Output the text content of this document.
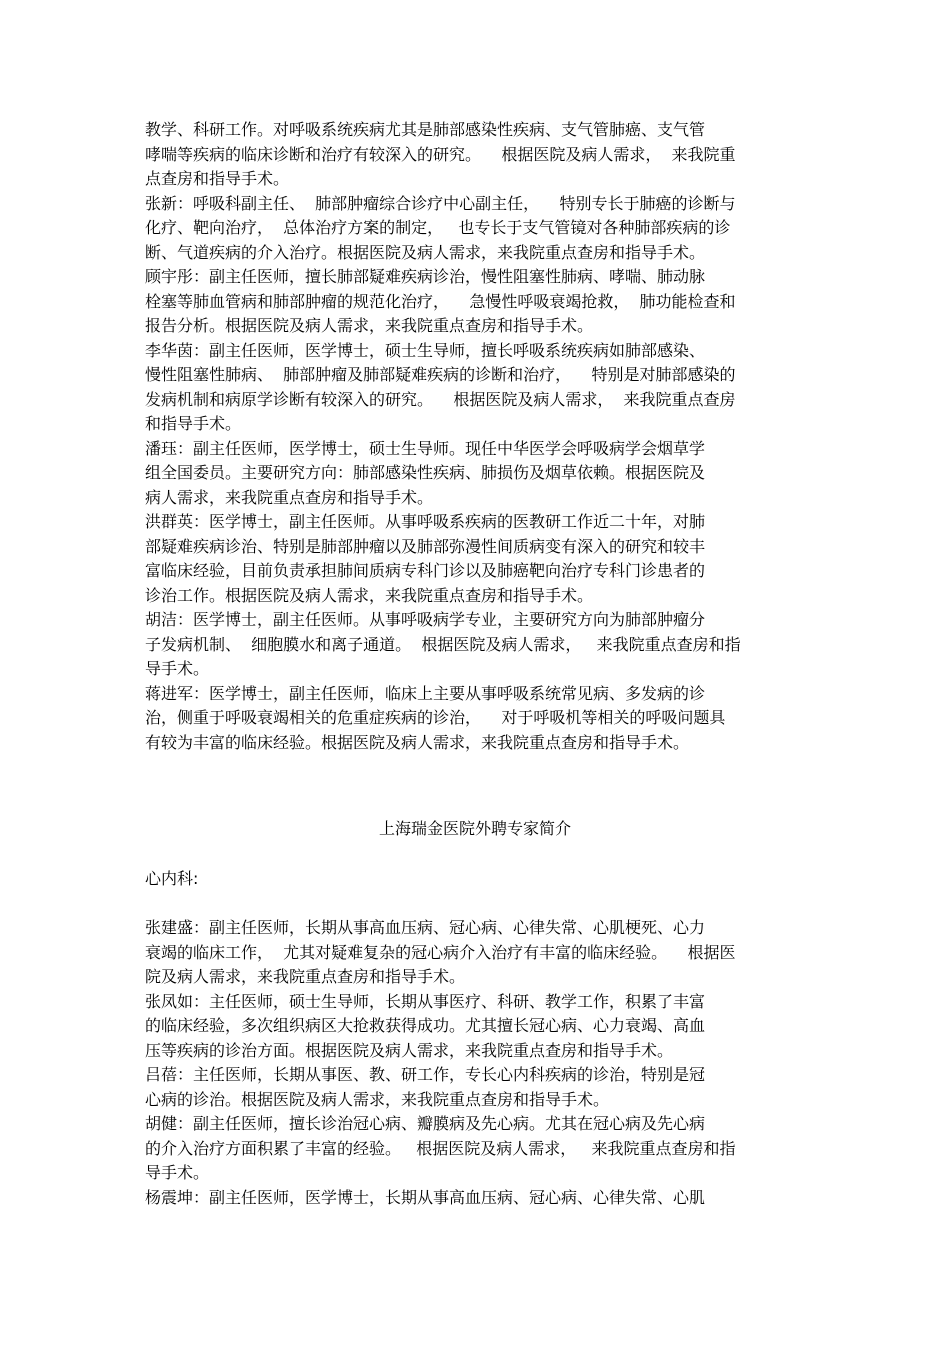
教学、科研工作。对呼吸系统疾病尤其是肺部感染性疾病、支气管肺癌、支气管
哮喘等疾病的临床诊断和治疗有较深入的研究。    根据医院及病人需求，  来我院重
点查房和指导手术。
张新：呼吸科副主任、  肺部肿瘤综合诊疗中心副主任，    特别专长于肺癌的诊断与
化疗、靶向治疗，  总体治疗方案的制定，   也专长于支气管镜对各种肺部疾病的诊
断、气道疾病的介入治疗。根据医院及病人需求，来我院重点查房和指导手术。
顾宇彤：副主任医师，擅长肺部疑难疾病诊治，慢性阻塞性肺病、哮喘、肺动脉
栓塞等肺血管病和肺部肿瘤的规范化治疗，    急慢性呼吸衰竭抢救，  肺功能检查和
报告分析。根据医院及病人需求，来我院重点查房和指导手术。
李华茵：副主任医师，医学博士，硕士生导师，擅长呼吸系统疾病如肺部感染、
慢性阻塞性肺病、  肺部肿瘤及肺部疑难疾病的诊断和治疗，    特别是对肺部感染的
发病机制和病原学诊断有较深入的研究。    根据医院及病人需求，  来我院重点查房
和指导手术。
潘珏：副主任医师，医学博士，硕士生导师。现任中华医学会呼吸病学会烟草学
组全国委员。主要研究方向：肺部感染性疾病、肺损伤及烟草依赖。根据医院及
病人需求，来我院重点查房和指导手术。
洪群英：医学博士，副主任医师。从事呼吸系疾病的医教研工作近二十年，对肺
部疑难疾病诊治、特别是肺部肿瘤以及肺部弥漫性间质病变有深入的研究和较丰
富临床经验，目前负责承担肺间质病专科门诊以及肺癌靶向治疗专科门诊患者的
诊治工作。根据医院及病人需求，来我院重点查房和指导手术。
胡洁：医学博士，副主任医师。从事呼吸病学专业，主要研究方向为肺部肿瘤分
子发病机制、  细胞膜水和离子通道。  根据医院及病人需求，   来我院重点查房和指
导手术。
蒋进军：医学博士，副主任医师，临床上主要从事呼吸系统常见病、多发病的诊
治，侧重于呼吸衰竭相关的危重症疾病的诊治，    对于呼吸机等相关的呼吸问题具
有较为丰富的临床经验。根据医院及病人需求，来我院重点查房和指导手术。
上海瑞金医院外聘专家简介
心内科:
张建盛：副主任医师，长期从事高血压病、冠心病、心律失常、心肌梗死、心力
衰竭的临床工作，  尤其对疑难复杂的冠心病介入治疗有丰富的临床经验。    根据医
院及病人需求，来我院重点查房和指导手术。
张凤如：主任医师，硕士生导师，长期从事医疗、科研、教学工作，积累了丰富
的临床经验，多次组织病区大抢救获得成功。尤其擅长冠心病、心力衰竭、高血
压等疾病的诊治方面。根据医院及病人需求，来我院重点查房和指导手术。
吕蓓：主任医师，长期从事医、教、研工作，专长心内科疾病的诊治，特别是冠
心病的诊治。根据医院及病人需求，来我院重点查房和指导手术。
胡健：副主任医师，擅长诊治冠心病、瓣膜病及先心病。尤其在冠心病及先心病
的介入治疗方面积累了丰富的经验。   根据医院及病人需求，   来我院重点查房和指
导手术。
杨震坤：副主任医师，医学博士，长期从事高血压病、冠心病、心律失常、心肌
